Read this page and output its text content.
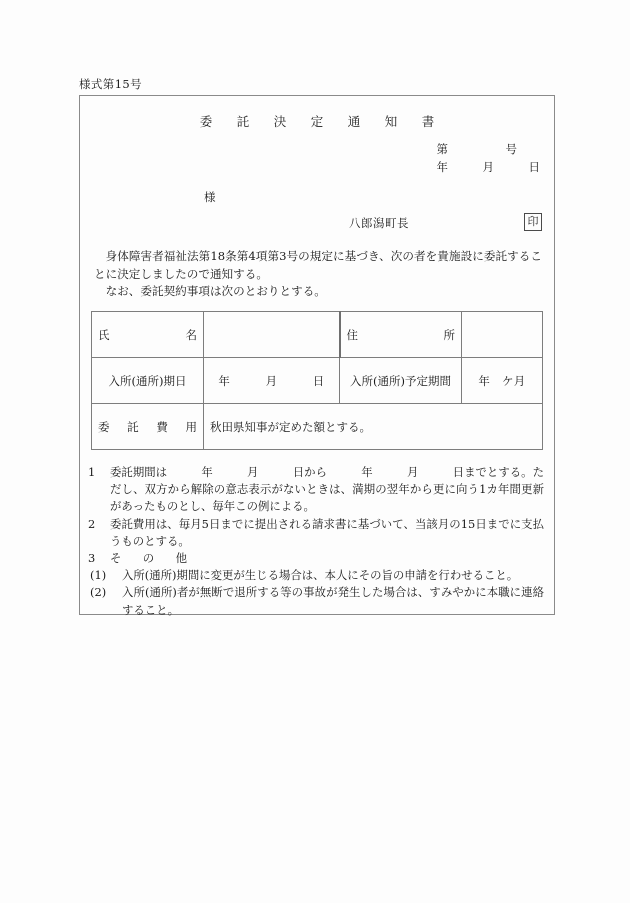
様式第15号
委　託　決　定　通　知　書
第　　　　　号
年　　　月　　　日
様
八郎潟町長	印

身体障害者福祉法第18条第4項第3号の規定に基づき、次の者を貴施設に委託することに決定しましたので通知する。

なお、委託契約事項は次のとおりとする。

氏　　　　名		住　　所	
入所(通所)期日	年　　　月　　　日	入所(通所)予定期間	年　ケ月
委　託　費　用	秋田県知事が定めた額とする。		
1 委託期間は　　　年　　　月　　　日から　　　年　　　月　　　日までとする。ただし、双方から解除の意志表示がないときは、満期の翌年から更に向う1カ年間更新があったものとし、毎年この例による。
2 委託費用は、毎月5日までに提出される請求書に基づいて、当該月の15日までに支払うものとする。
3 そ　の　他
(1) 入所(通所)期間に変更が生じる場合は、本人にその旨の申請を行わせること。
(2) 入所(通所)者が無断で退所する等の事故が発生した場合は、すみやかに本職に連絡すること。
